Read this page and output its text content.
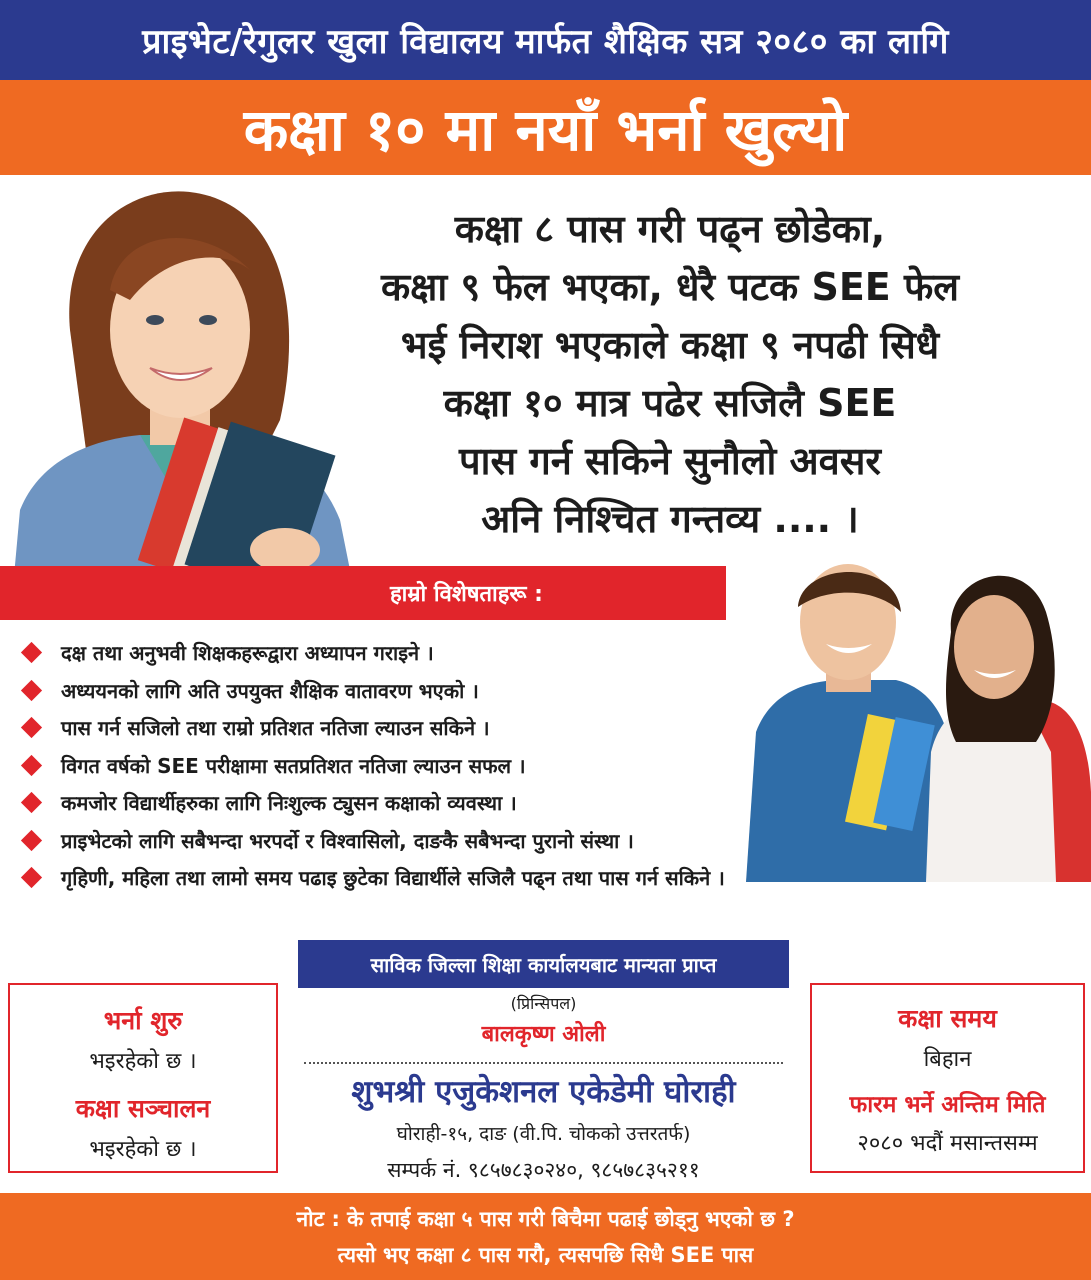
प्राइभेट/रेगुलर खुला विद्यालय मार्फत शैक्षिक सत्र २०८० का लागि
कक्षा १० मा नयाँ भर्ना खुल्यो
कक्षा ८ पास गरी पढ्न छोडेका,
कक्षा ९ फेल भएका, धेरै पटक SEE फेल
भई निराश भएकाले कक्षा ९ नपढी सिधै
कक्षा १० मात्र पढेर सजिलै SEE
पास गर्न सकिने सुनौलो अवसर
अनि निश्चित गन्तव्य .... ।
हाम्रो विशेषताहरू :
दक्ष तथा अनुभवी शिक्षकहरूद्वारा अध्यापन गराइने ।
अध्ययनको लागि अति उपयुक्त शैक्षिक वातावरण भएको ।
पास गर्न सजिलो तथा राम्रो प्रतिशत नतिजा ल्याउन सकिने ।
विगत वर्षको SEE परीक्षामा सतप्रतिशत नतिजा ल्याउन सफल ।
कमजोर विद्यार्थीहरुका लागि निःशुल्क ट्युसन कक्षाको व्यवस्था ।
प्राइभेटको लागि सबैभन्दा भरपर्दो र विश्वासिलो, दाङकै सबैभन्दा पुरानो संस्था ।
गृहिणी, महिला तथा लामो समय पढाइ छुटेका विद्यार्थीले सजिलै पढ्न तथा पास गर्न सकिने ।
साविक जिल्ला शिक्षा कार्यालयबाट मान्यता प्राप्त
भर्ना शुरु
भइरहेको छ ।
कक्षा सञ्चालन
भइरहेको छ ।
(प्रिन्सिपल)
बालकृष्ण ओली
शुभश्री एजुकेशनल एकेडेमी घोराही
घोराही-१५, दाङ (वी.पि. चोकको उत्तरतर्फ)
सम्पर्क नं. ९८५७८३०२४०, ९८५७८३५२११
कक्षा समय
बिहान
फारम भर्ने अन्तिम मिति
२०८० भदौं मसान्तसम्म
नोट : के तपाई कक्षा ५ पास गरी बिचैमा पढाई छोड्नु भएको छ ?
त्यसो भए कक्षा ८ पास गरौ, त्यसपछि सिधै SEE पास
